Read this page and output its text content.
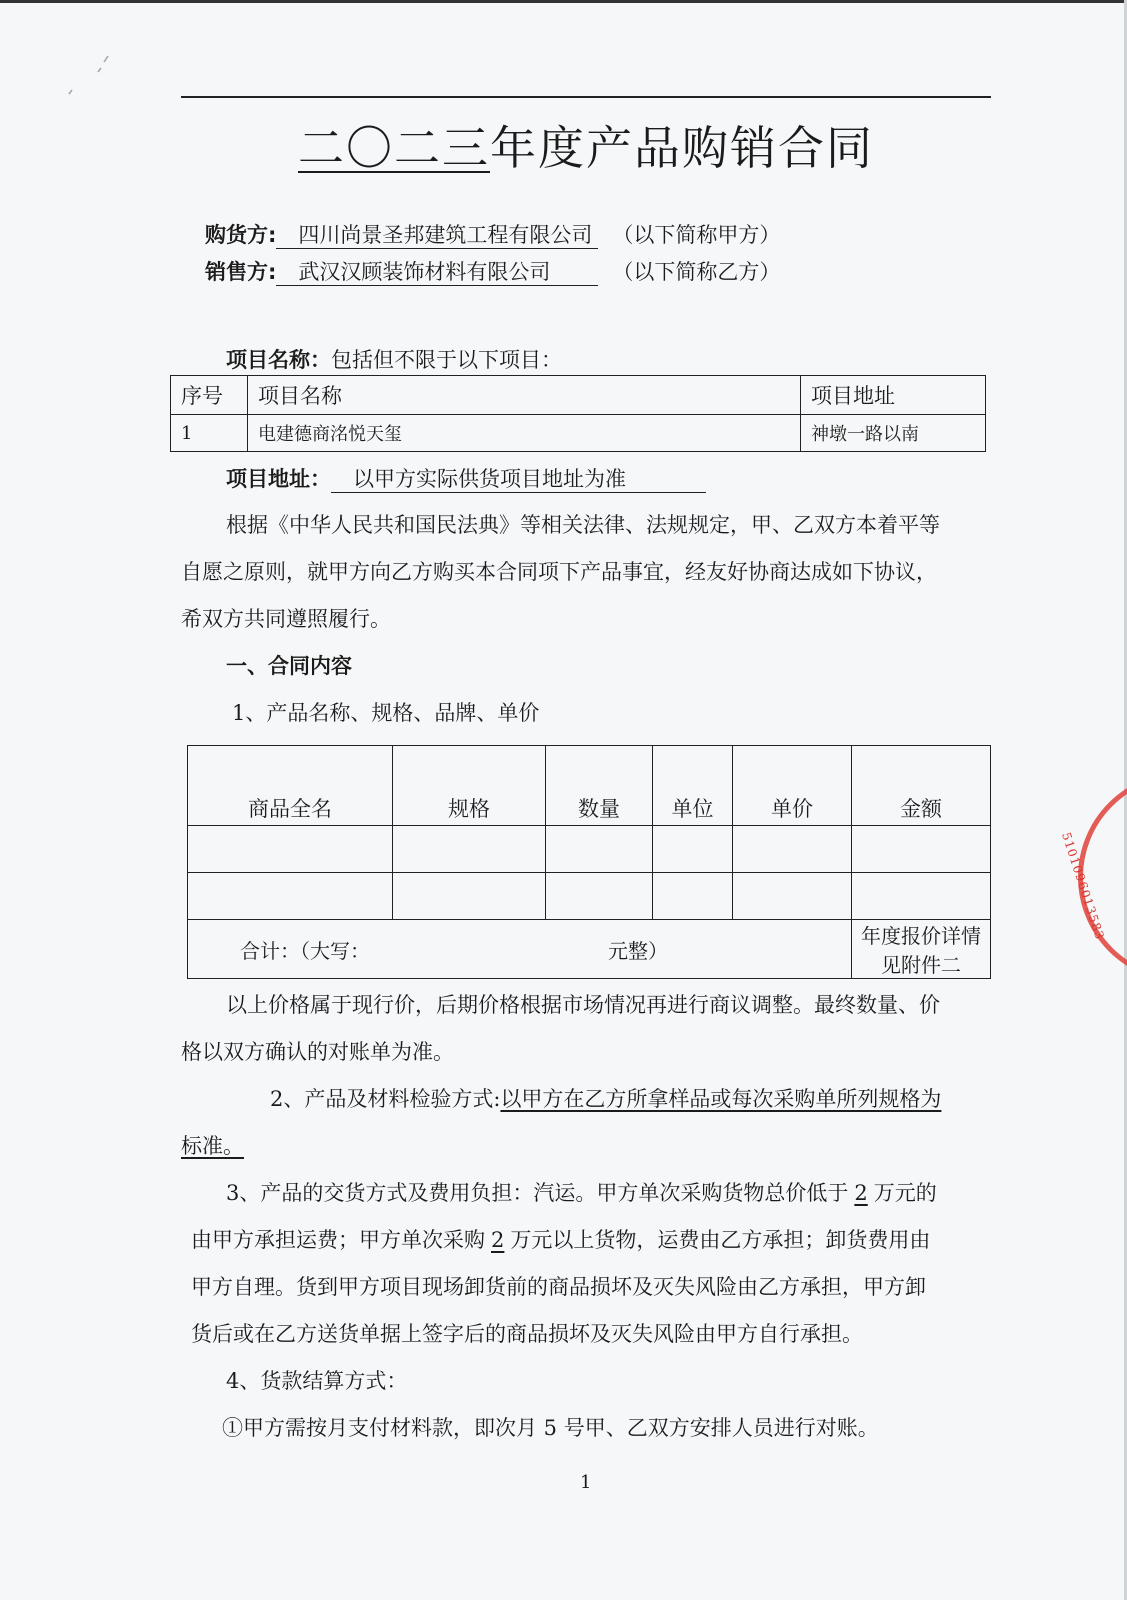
二〇二三年度产品购销合同
购货方: 四川尚景圣邦建筑工程有限公司 （以下简称甲方）
销售方: 武汉汉顾装饰材料有限公司	（以下简称乙方）
项目名称：包括但不限于以下项目：
序号	项目名称	项目地址
1	电建德商洺悦天玺	神墩一路以南
项目地址： 以甲方实际供货项目地址为准
根据《中华人民共和国民法典》等相关法律、法规规定，甲、乙双方本着平等
自愿之原则，就甲方向乙方购买本合同项下产品事宜，经友好协商达成如下协议，
希双方共同遵照履行。
一、合同内容
1、产品名称、规格、品牌、单价
商品全名	规格	数量	单位	单价	金额

合计：（大写： 元整）					年度报价详情见附件二
以上价格属于现行价，后期价格根据市场情况再进行商议调整。最终数量、价
格以双方确认的对账单为准。
2、产品及材料检验方式:以甲方在乙方所拿样品或每次采购单所列规格为
标准。
3、产品的交货方式及费用负担：汽运。甲方单次采购货物总价低于 2 万元的
由甲方承担运费；甲方单次采购 2 万元以上货物，运费由乙方承担；卸货费用由
甲方自理。货到甲方项目现场卸货前的商品损坏及灭失风险由乙方承担，甲方卸
货后或在乙方送货单据上签字后的商品损坏及灭失风险由甲方自行承担。
4、货款结算方式：
①甲方需按月支付材料款，即次月 5 号甲、乙双方安排人员进行对账。
1
5101096013583
